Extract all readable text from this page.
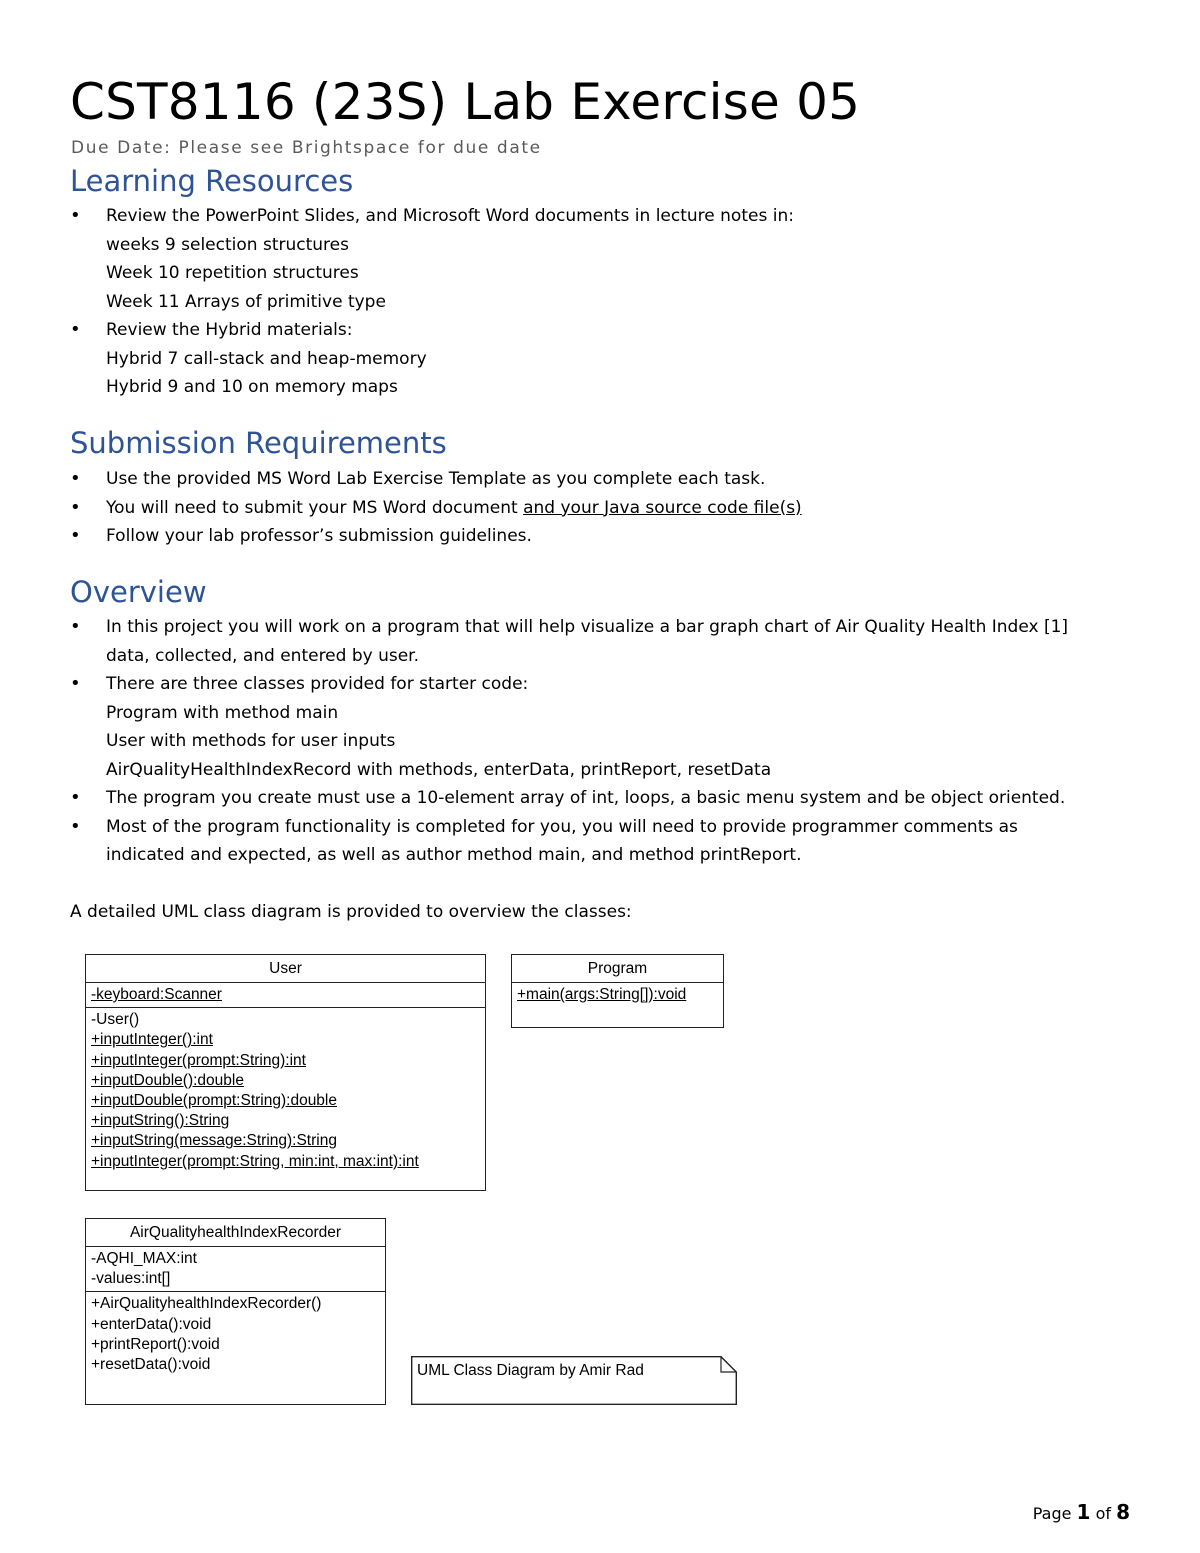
CST8116 (23S) Lab Exercise 05
Due Date: Please see Brightspace for due date
Learning Resources
• Review the PowerPoint Slides, and Microsoft Word documents in lecture notes in:
weeks 9 selection structures
Week 10 repetition structures
Week 11 Arrays of primitive type
• Review the Hybrid materials:
Hybrid 7 call-stack and heap-memory
Hybrid 9 and 10 on memory maps
Submission Requirements
• Use the provided MS Word Lab Exercise Template as you complete each task.
• You will need to submit your MS Word document and your Java source code file(s)
• Follow your lab professor’s submission guidelines.
Overview
• In this project you will work on a program that will help visualize a bar graph chart of Air Quality Health Index [1]
data, collected, and entered by user.
• There are three classes provided for starter code:
Program with method main
User with methods for user inputs
AirQualityHealthIndexRecord with methods, enterData, printReport, resetData
• The program you create must use a 10-element array of int, loops, a basic menu system and be object oriented.
• Most of the program functionality is completed for you, you will need to provide programmer comments as
indicated and expected, as well as author method main, and method printReport.
A detailed UML class diagram is provided to overview the classes:
User
-keyboard:Scanner
-User()
+inputInteger():int
+inputInteger(prompt:String):int
+inputDouble():double
+inputDouble(prompt:String):double
+inputString():String
+inputString(message:String):String
+inputInteger(prompt:String, min:int, max:int):int
Program
+main(args:String[]):void
AirQualityhealthIndexRecorder
-AQHI_MAX:int
-values:int[]
+AirQualityhealthIndexRecorder()
+enterData():void
+printReport():void
+resetData():void	UML Class Diagram by Amir Rad
Page 1 of 8
